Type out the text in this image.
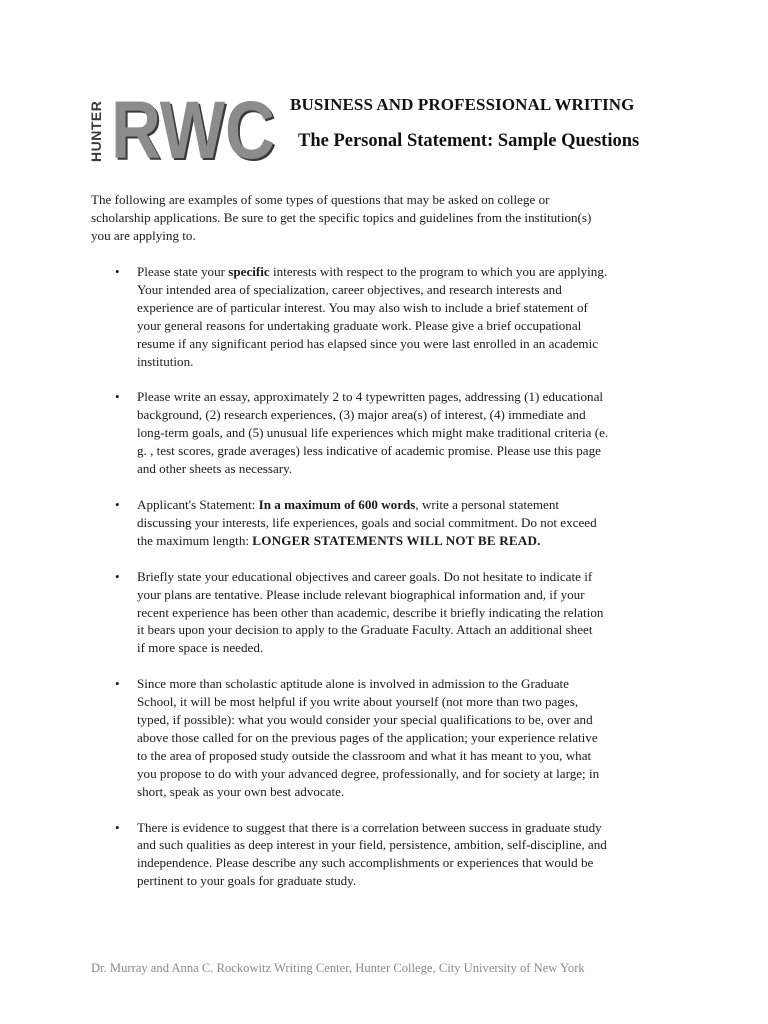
HUNTER RWC
RWC BUSINESS AND PROFESSIONAL WRITING
The Personal Statement: Sample Questions

The following are examples of some types of questions that may be asked on college or
scholarship applications. Be sure to get the specific topics and guidelines from the institution(s)
you are applying to.

• Please state your specific interests with respect to the program to which you are applying.
Your intended area of specialization, career objectives, and research interests and
experience are of particular interest. You may also wish to include a brief statement of
your general reasons for undertaking graduate work. Please give a brief occupational
resume if any significant period has elapsed since you were last enrolled in an academic
institution.
• Please write an essay, approximately 2 to 4 typewritten pages, addressing (1) educational
background, (2) research experiences, (3) major area(s) of interest, (4) immediate and
long-term goals, and (5) unusual life experiences which might make traditional criteria (e.
g. , test scores, grade averages) less indicative of academic promise. Please use this page
and other sheets as necessary.
• Applicant's Statement: In a maximum of 600 words, write a personal statement
discussing your interests, life experiences, goals and social commitment. Do not exceed
the maximum length: LONGER STATEMENTS WILL NOT BE READ.
• Briefly state your educational objectives and career goals. Do not hesitate to indicate if
your plans are tentative. Please include relevant biographical information and, if your
recent experience has been other than academic, describe it briefly indicating the relation
it bears upon your decision to apply to the Graduate Faculty. Attach an additional sheet
if more space is needed.
• Since more than scholastic aptitude alone is involved in admission to the Graduate
School, it will be most helpful if you write about yourself (not more than two pages,
typed, if possible): what you would consider your special qualifications to be, over and
above those called for on the previous pages of the application; your experience relative
to the area of proposed study outside the classroom and what it has meant to you, what
you propose to do with your advanced degree, professionally, and for society at large; in
short, speak as your own best advocate.
• There is evidence to suggest that there is a correlation between success in graduate study
and such qualities as deep interest in your field, persistence, ambition, self-discipline, and
independence. Please describe any such accomplishments or experiences that would be
pertinent to your goals for graduate study.
Dr. Murray and Anna C. Rockowitz Writing Center, Hunter College, City University of New York
